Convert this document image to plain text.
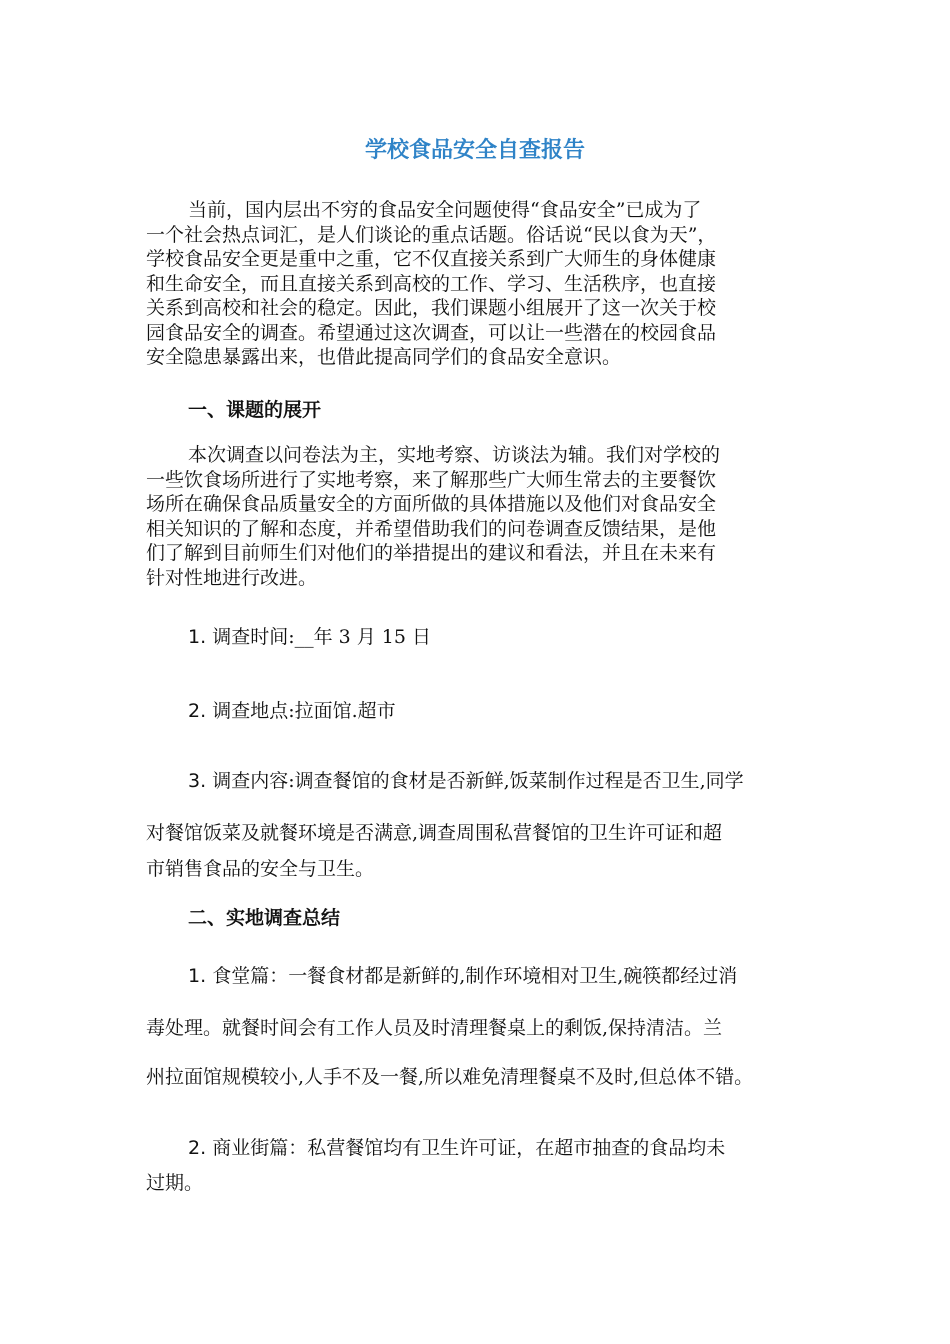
学校食品安全自查报告
当前，国内层出不穷的食品安全问题使得“食品安全”已成为了
一个社会热点词汇，是人们谈论的重点话题。俗话说“民以食为天”，
学校食品安全更是重中之重，它不仅直接关系到广大师生的身体健康
和生命安全，而且直接关系到高校的工作、学习、生活秩序，也直接
关系到高校和社会的稳定。因此，我们课题小组展开了这一次关于校
园食品安全的调查。希望通过这次调查，可以让一些潜在的校园食品
安全隐患暴露出来，也借此提高同学们的食品安全意识。
一、课题的展开
本次调查以问卷法为主，实地考察、访谈法为辅。我们对学校的
一些饮食场所进行了实地考察，来了解那些广大师生常去的主要餐饮
场所在确保食品质量安全的方面所做的具体措施以及他们对食品安全
相关知识的了解和态度，并希望借助我们的问卷调查反馈结果，是他
们了解到目前师生们对他们的举措提出的建议和看法，并且在未来有
针对性地进行改进。

1. 调查时间:__年 3 月 15 日

2. 调查地点:拉面馆.超市

3. 调查内容:调查餐馆的食材是否新鲜,饭菜制作过程是否卫生,同学

对餐馆饭菜及就餐环境是否满意,调查周围私营餐馆的卫生许可证和超

市销售食品的安全与卫生。

二、实地调查总结

1. 食堂篇：一餐食材都是新鲜的,制作环境相对卫生,碗筷都经过消

毒处理。就餐时间会有工作人员及时清理餐桌上的剩饭,保持清洁。兰

州拉面馆规模较小,人手不及一餐,所以难免清理餐桌不及时,但总体不错。

2. 商业街篇：私营餐馆均有卫生许可证，在超市抽查的食品均未

过期。
